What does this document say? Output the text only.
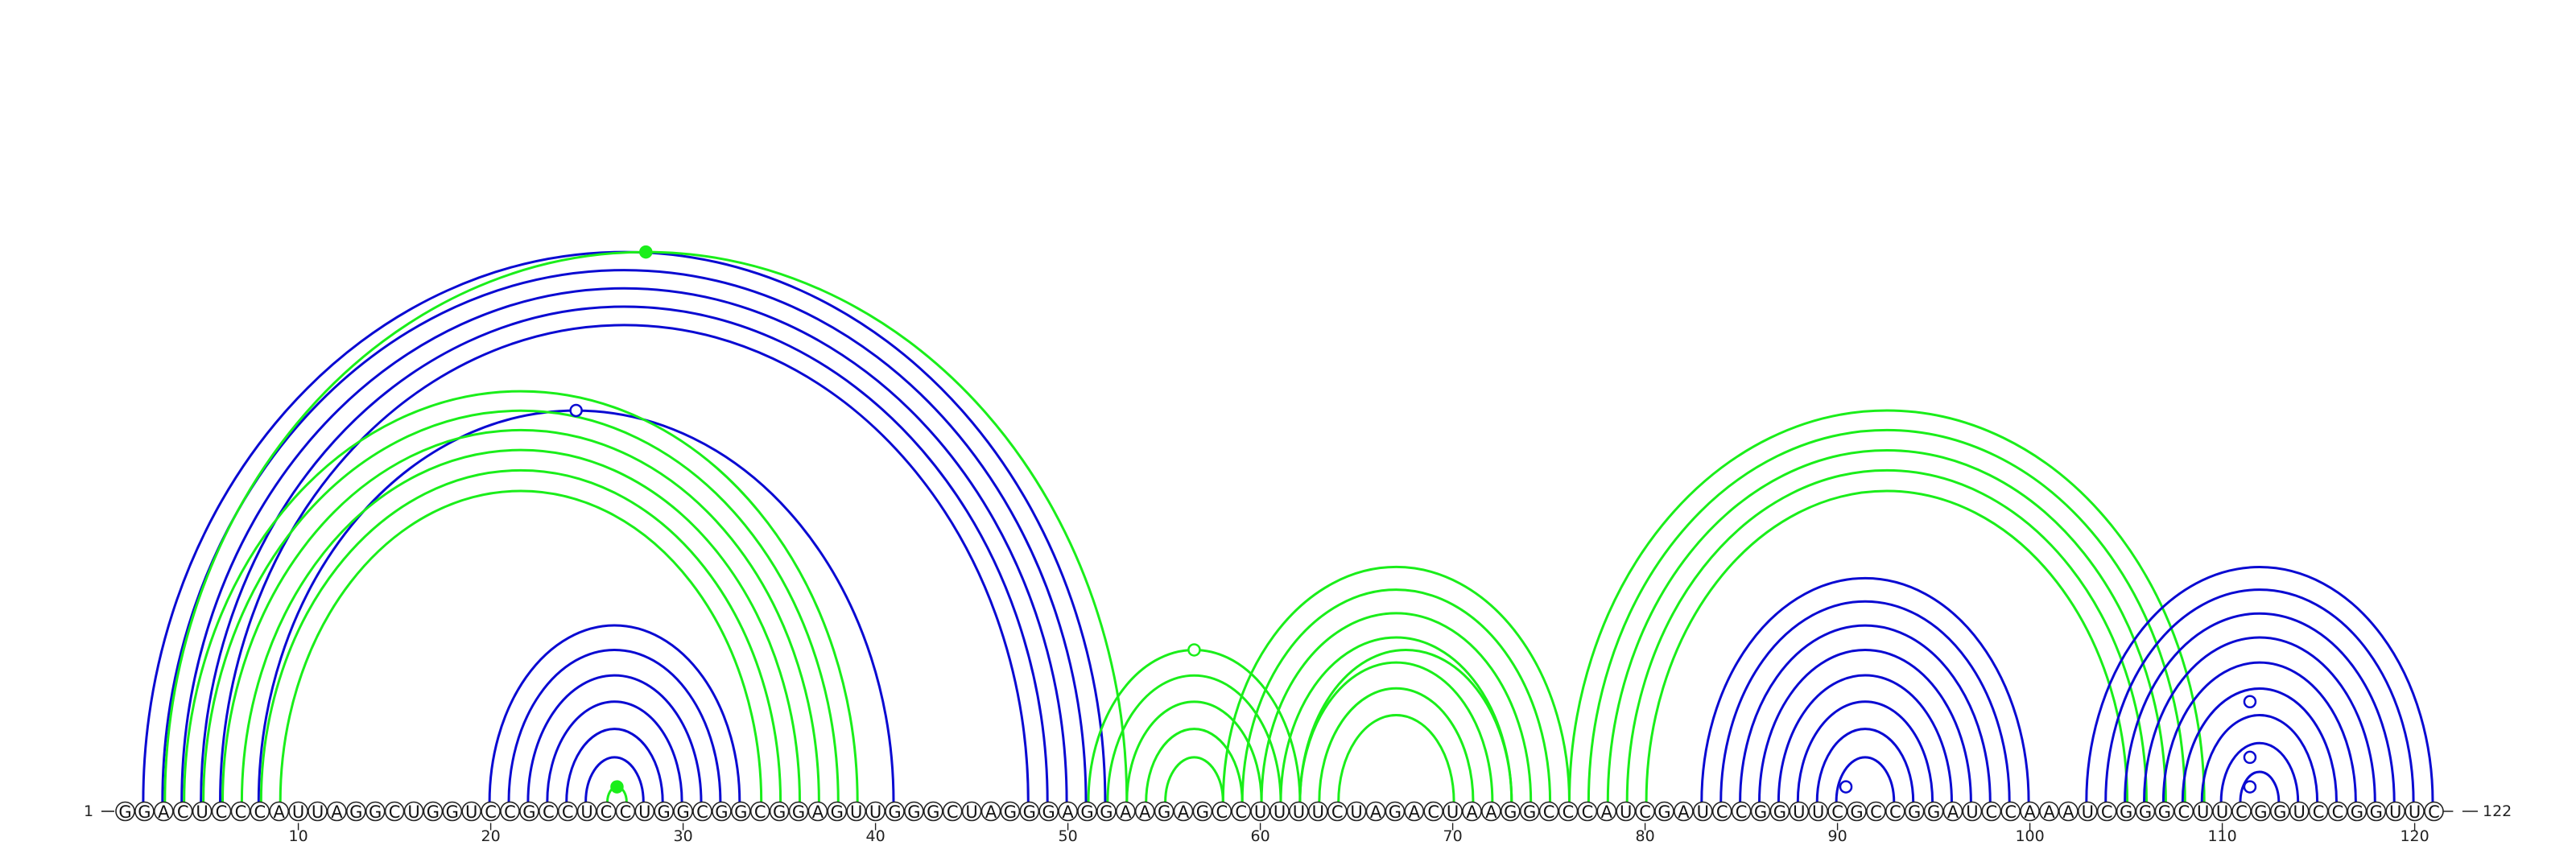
G G A C U C C C A U U A G G C U G G U C C G C C U C C U G G C G G C G G A G U U G G G C U A G G G A G G A A G A G C C U U U U C U A G A C U A A G G C C C A U C G A U C C G G U U C G C C G G A U C C A A A U C G G G C U U C G G U C C G G U U C
10	20	30	40	50	60	70	80	90	100	110	120
1	122
